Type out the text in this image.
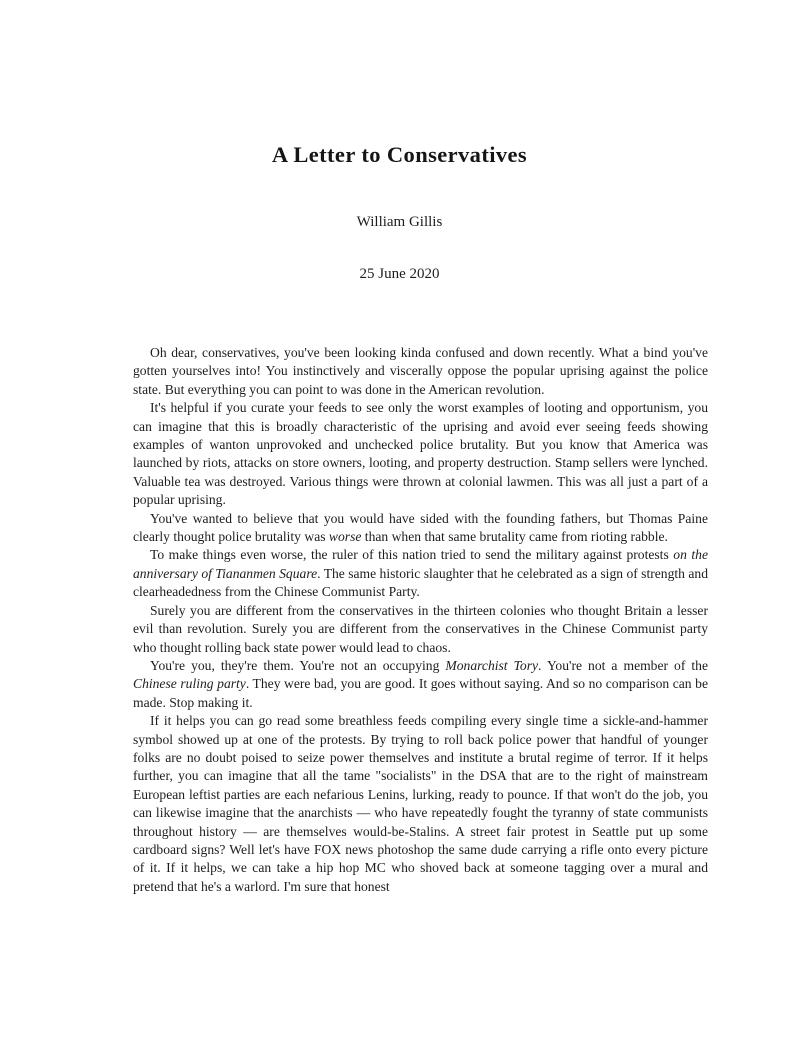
A Letter to Conservatives
William Gillis
25 June 2020

Oh dear, conservatives, you've been looking kinda confused and down recently. What a bind you've gotten yourselves into! You instinctively and viscerally oppose the popular uprising against the police state. But everything you can point to was done in the American revolution.

It's helpful if you curate your feeds to see only the worst examples of looting and opportunism, you can imagine that this is broadly characteristic of the uprising and avoid ever seeing feeds showing examples of wanton unprovoked and unchecked police brutality. But you know that America was launched by riots, attacks on store owners, looting, and property destruction. Stamp sellers were lynched. Valuable tea was destroyed. Various things were thrown at colonial lawmen. This was all just a part of a popular uprising.

You've wanted to believe that you would have sided with the founding fathers, but Thomas Paine clearly thought police brutality was worse than when that same brutality came from rioting rabble.

To make things even worse, the ruler of this nation tried to send the military against protests on the anniversary of Tiananmen Square. The same historic slaughter that he celebrated as a sign of strength and clearheadedness from the Chinese Communist Party.

Surely you are different from the conservatives in the thirteen colonies who thought Britain a lesser evil than revolution. Surely you are different from the conservatives in the Chinese Communist party who thought rolling back state power would lead to chaos.

You're you, they're them. You're not an occupying Monarchist Tory. You're not a member of the Chinese ruling party. They were bad, you are good. It goes without saying. And so no comparison can be made. Stop making it.

If it helps you can go read some breathless feeds compiling every single time a sickle-and-hammer symbol showed up at one of the protests. By trying to roll back police power that handful of younger folks are no doubt poised to seize power themselves and institute a brutal regime of terror. If it helps further, you can imagine that all the tame "socialists" in the DSA that are to the right of mainstream European leftist parties are each nefarious Lenins, lurking, ready to pounce. If that won't do the job, you can likewise imagine that the anarchists — who have repeatedly fought the tyranny of state communists throughout history — are themselves would-be-Stalins. A street fair protest in Seattle put up some cardboard signs? Well let's have FOX news photoshop the same dude carrying a rifle onto every picture of it. If it helps, we can take a hip hop MC who shoved back at someone tagging over a mural and pretend that he's a warlord. I'm sure that honest
